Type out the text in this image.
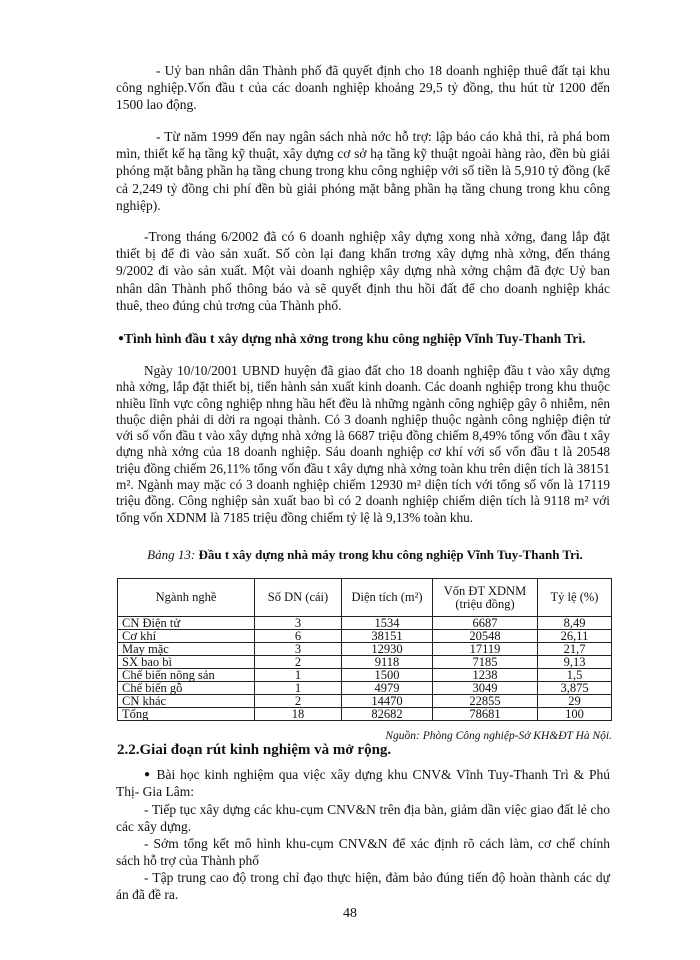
- Uỷ ban nhân dân Thành phố đã quyết định cho 18 doanh nghiệp thuê đất tại khu công nghiệp.Vốn đầu t của các doanh nghiệp khoảng 29,5 tỷ đồng, thu hút từ 1200 đến 1500 lao động.

- Từ năm 1999 đến nay ngân sách nhà nớc hỗ trợ: lập báo cáo khả thi, rà phá bom mìn, thiết kế hạ tầng kỹ thuật, xây dựng cơ sở hạ tầng kỹ thuật ngoài hàng rào, đền bù giải phóng mặt bằng phần hạ tầng chung trong khu công nghiệp với số tiền là 5,910 tỷ đồng (kể cả 2,249 tỷ đồng chi phí đền bù giải phóng mặt bằng phần hạ tầng chung trong khu công nghiệp).

-Trong tháng 6/2002 đã có 6 doanh nghiệp xây dựng xong nhà xởng, đang lắp đặt thiết bị để đi vào sản xuất. Số còn lại đang khẩn trơng xây dựng nhà xởng, đến tháng 9/2002 đi vào sản xuất. Một vài doanh nghiệp xây dựng nhà xởng chậm đã đợc Uỷ ban nhân dân Thành phố thông báo và sẽ quyết định thu hồi đất để cho doanh nghiệp khác thuê, theo đúng chủ trơng của Thành phố.

●Tình hình đầu t xây dựng nhà xởng trong khu công nghiệp Vĩnh Tuy-Thanh Trì.

Ngày 10/10/2001 UBND huyện đã giao đất cho 18 doanh nghiệp đầu t vào xây dựng nhà xởng, lắp đặt thiết bị, tiến hành sản xuất kinh doanh. Các doanh nghiệp trong khu thuộc nhiều lĩnh vực công nghiệp nhng hầu hết đều là những ngành công nghiệp gây ô nhiễm, nên thuộc diện phải di dời ra ngoại thành. Có 3 doanh nghiệp thuộc ngành công nghiệp điện tử với số vốn đầu t vào xây dựng nhà xởng là 6687 triệu đồng chiếm 8,49% tổng vốn đầu t xây dựng nhà xởng của 18 doanh nghiệp. Sáu doanh nghiệp cơ khí với số vốn đầu t là 20548 triệu đồng chiếm 26,11% tổng vốn đầu t xây dựng nhà xởng toàn khu trên diện tích là 38151 m². Ngành may mặc có 3 doanh nghiệp chiếm 12930 m² diện tích với tổng số vốn là 17119 triệu đồng. Công nghiệp sản xuất bao bì có 2 doanh nghiệp chiếm diện tích là 9118 m² với tổng vốn XDNM là 7185 triệu đồng chiếm tỷ lệ là 9,13% toàn khu.

Bảng 13: Đầu t xây dựng nhà máy trong khu công nghiệp Vĩnh Tuy-Thanh Trì.

Ngành nghề	Số DN (cái)	Diện tích (m²)	Vốn ĐT XDNM (triệu đồng)	Tỷ lệ (%)
CN Điện tử	3	1534	6687	8,49
Cơ khí	6	38151	20548	26,11
May mặc	3	12930	17119	21,7
SX bao bì	2	9118	7185	9,13
Chế biến nông sản	1	1500	1238	1,5
Chế biến gỗ	1	4979	3049	3,875
CN khác	2	14470	22855	29
Tổng	18	82682	78681	100

Nguồn: Phòng Công nghiệp-Sở KH&ĐT Hà Nội.

2.2.Giai đoạn rút kinh nghiệm và mở rộng.

● Bài học kinh nghiệm qua việc xây dựng khu CNV& Vĩnh Tuy-Thanh Trì & Phú Thị- Gia Lâm:

- Tiếp tục xây dựng các khu-cụm CNV&N trên địa bàn, giảm dần việc giao đất lẻ cho các xây dựng.

- Sớm tổng kết mô hình khu-cụm CNV&N để xác định rõ cách làm, cơ chế chính sách hỗ trợ của Thành phố

- Tập trung cao độ trong chỉ đạo thực hiện, đảm bảo đúng tiến độ hoàn thành các dự án đã đề ra.

48
